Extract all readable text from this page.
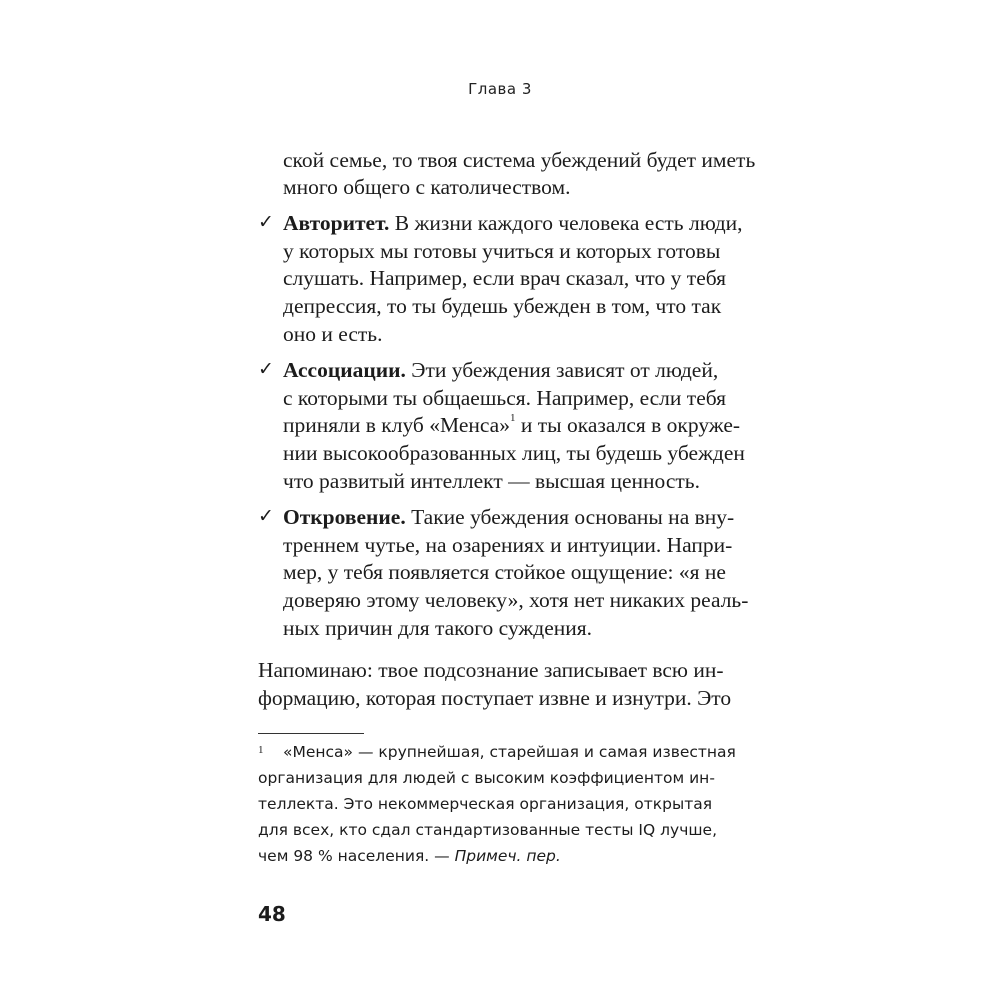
Глава 3
ской семье, то твоя система убеждений будет иметь
много общего с католичеством.
✓ Авторитет. В жизни каждого человека есть люди,
у которых мы готовы учиться и которых готовы
слушать. Например, если врач сказал, что у тебя
депрессия, то ты будешь убежден в том, что так
оно и есть.
✓ Ассоциации. Эти убеждения зависят от людей,
с которыми ты общаешься. Например, если тебя
приняли в клуб «Менса»$^1$ и ты оказался в окруже-
нии высокообразованных лиц, ты будешь убежден
что развитый интеллект — высшая ценность.
✓ Откровение. Такие убеждения основаны на вну-
треннем чутье, на озарениях и интуиции. Напри-
мер, у тебя появляется стойкое ощущение: «я не
доверяю этому человеку», хотя нет никаких реаль-
ных причин для такого суждения.
Напоминаю: твое подсознание записывает всю ин-
формацию, которая поступает извне и изнутри. Это
1 «Менса» — крупнейшая, старейшая и самая известная
организация для людей с высоким коэффициентом ин-
теллекта. Это некоммерческая организация, открытая
для всех, кто сдал стандартизованные тесты IQ лучше,
чем 98 % населения. — Примеч. пер.
48
